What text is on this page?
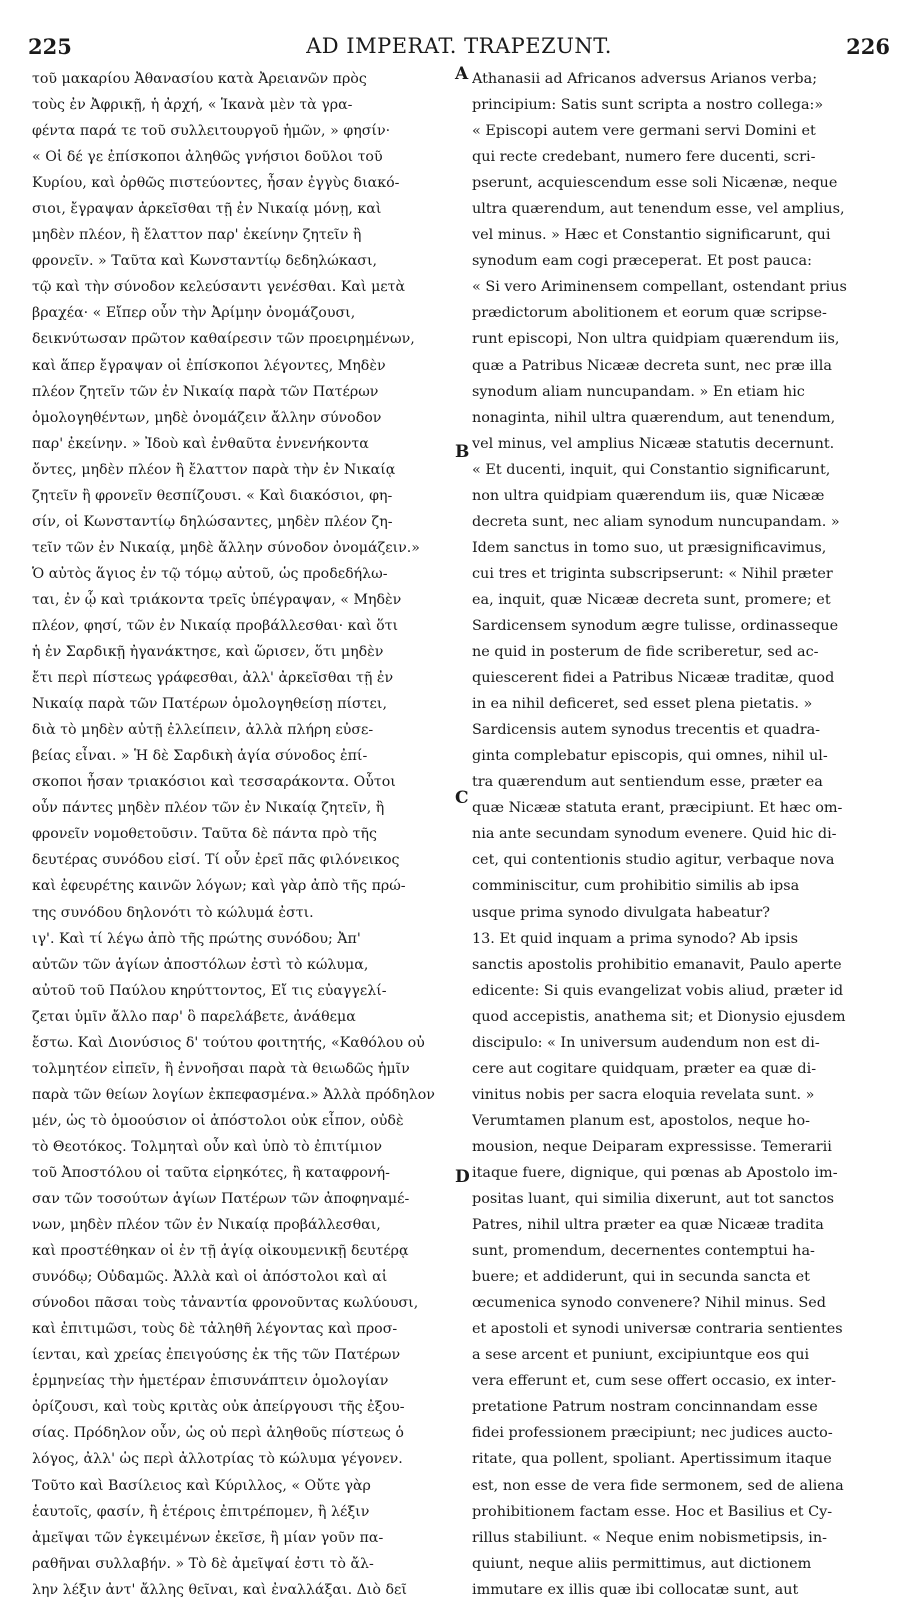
225	AD IMPERAT. TRAPEZUNT.	226
τοῦ μακαρίου Ἀθανασίου κατὰ Ἀρειανῶν πρὸς
τοὺς ἐν Ἀφρικῇ, ἡ ἀρχή, « Ἱκανὰ μὲν τὰ γρα-
φέντα παρά τε τοῦ συλλειτουργοῦ ἡμῶν, » φησίν·
« Οἱ δέ γε ἐπίσκοποι ἀληθῶς γνήσιοι δοῦλοι τοῦ
Κυρίου, καὶ ὀρθῶς πιστεύοντες, ἦσαν ἐγγὺς διακό-
σιοι, ἔγραψαν ἀρκεῖσθαι τῇ ἐν Νικαίᾳ μόνῃ, καὶ
μηδὲν πλέον, ἢ ἔλαττον παρ' ἐκείνην ζητεῖν ἢ
φρονεῖν. » Ταῦτα καὶ Κωνσταντίῳ δεδηλώκασι,
τῷ καὶ τὴν σύνοδον κελεύσαντι γενέσθαι. Καὶ μετὰ
βραχέα· « Εἴπερ οὖν τὴν Ἀρίμην ὀνομάζουσι,
δεικνύτωσαν πρῶτον καθαίρεσιν τῶν προειρημένων,
καὶ ἅπερ ἔγραψαν οἱ ἐπίσκοποι λέγοντες, Μηδὲν
πλέον ζητεῖν τῶν ἐν Νικαίᾳ παρὰ τῶν Πατέρων
ὁμολογηθέντων, μηδὲ ὀνομάζειν ἄλλην σύνοδον
παρ' ἐκείνην. » Ἰδοὺ καὶ ἐνθαῦτα ἐννενήκοντα
ὄντες, μηδὲν πλέον ἢ ἔλαττον παρὰ τὴν ἐν Νικαίᾳ
ζητεῖν ἢ φρονεῖν θεσπίζουσι. « Καὶ διακόσιοι, φη-
σίν, οἱ Κωνσταντίῳ δηλώσαντες, μηδὲν πλέον ζη-
τεῖν τῶν ἐν Νικαίᾳ, μηδὲ ἄλλην σύνοδον ὀνομάζειν.»
Ὁ αὐτὸς ἅγιος ἐν τῷ τόμῳ αὐτοῦ, ὡς προδεδήλω-
ται, ἐν ᾧ καὶ τριάκοντα τρεῖς ὑπέγραψαν, « Μηδὲν
πλέον, φησί, τῶν ἐν Νικαίᾳ προβάλλεσθαι· καὶ ὅτι
ἡ ἐν Σαρδικῇ ἠγανάκτησε, καὶ ὥρισεν, ὅτι μηδὲν
ἔτι περὶ πίστεως γράφεσθαι, ἀλλ' ἀρκεῖσθαι τῇ ἐν
Νικαίᾳ παρὰ τῶν Πατέρων ὁμολογηθείσῃ πίστει,
διὰ τὸ μηδὲν αὐτῇ ἐλλείπειν, ἀλλὰ πλήρη εὐσε-
βείας εἶναι. » Ἡ δὲ Σαρδικὴ ἁγία σύνοδος ἐπί-
σκοποι ἦσαν τριακόσιοι καὶ τεσσαράκοντα. Οὗτοι
οὖν πάντες μηδὲν πλέον τῶν ἐν Νικαίᾳ ζητεῖν, ἢ
φρονεῖν νομοθετοῦσιν. Ταῦτα δὲ πάντα πρὸ τῆς
δευτέρας συνόδου εἰσί. Τί οὖν ἐρεῖ πᾶς φιλόνεικος
καὶ ἐφευρέτης καινῶν λόγων; καὶ γὰρ ἀπὸ τῆς πρώ-
της συνόδου δηλονότι τὸ κώλυμά ἐστι.
ιγ'. Καὶ τί λέγω ἀπὸ τῆς πρώτης συνόδου; Ἀπ'
αὐτῶν τῶν ἁγίων ἀποστόλων ἐστὶ τὸ κώλυμα,
αὐτοῦ τοῦ Παύλου κηρύττοντος, Εἴ τις εὐαγγελί-
ζεται ὑμῖν ἄλλο παρ' ὃ παρελάβετε, ἀνάθεμα
ἔστω. Καὶ Διονύσιος δ' τούτου φοιτητής, «Καθόλου οὐ
τολμητέον εἰπεῖν, ἢ ἐννοῆσαι παρὰ τὰ θειωδῶς ἡμῖν
παρὰ τῶν θείων λογίων ἐκπεφασμένα.» Ἀλλὰ πρόδηλον
μέν, ὡς τὸ ὁμοούσιον οἱ ἀπόστολοι οὐκ εἶπον, οὐδὲ
τὸ Θεοτόκος. Τολμηταὶ οὖν καὶ ὑπὸ τὸ ἐπιτίμιον
τοῦ Ἀποστόλου οἱ ταῦτα εἰρηκότες, ἢ καταφρονή-
σαν τῶν τοσούτων ἁγίων Πατέρων τῶν ἀποφηναμέ-
νων, μηδὲν πλέον τῶν ἐν Νικαίᾳ προβάλλεσθαι,
καὶ προστέθηκαν οἱ ἐν τῇ ἁγίᾳ οἰκουμενικῇ δευτέρᾳ
συνόδῳ; Οὐδαμῶς. Ἀλλὰ καὶ οἱ ἀπόστολοι καὶ αἱ
σύνοδοι πᾶσαι τοὺς τἀναντία φρονοῦντας κωλύουσι,
καὶ ἐπιτιμῶσι, τοὺς δὲ τἀληθῆ λέγοντας καὶ προσ-
ίενται, καὶ χρείας ἐπειγούσης ἐκ τῆς τῶν Πατέρων
ἑρμηνείας τὴν ἡμετέραν ἐπισυνάπτειν ὁμολογίαν
ὁρίζουσι, καὶ τοὺς κριτὰς οὐκ ἀπείργουσι τῆς ἐξου-
σίας. Πρόδηλον οὖν, ὡς οὐ περὶ ἀληθοῦς πίστεως ὁ
λόγος, ἀλλ' ὡς περὶ ἀλλοτρίας τὸ κώλυμα γέγονεν.
Τοῦτο καὶ Βασίλειος καὶ Κύριλλος, « Οὔτε γὰρ
ἑαυτοῖς, φασίν, ἢ ἑτέροις ἐπιτρέπομεν, ἢ λέξιν
ἀμεῖψαι τῶν ἐγκειμένων ἐκεῖσε, ἢ μίαν γοῦν πα-
ραθῆναι συλλαβήν. » Τὸ δὲ ἀμεῖψαί ἐστι τὸ ἄλ-
λην λέξιν ἀντ' ἄλλης θεῖναι, καὶ ἐναλλάξαι. Διὸ δεῖ
Athanasii ad Africanos adversus Arianos verba;
principium: Satis sunt scripta a nostro collega:»
« Episcopi autem vere germani servi Domini et
qui recte credebant, numero fere ducenti, scri-
pserunt, acquiescendum esse soli Nicænæ, neque
ultra quærendum, aut tenendum esse, vel amplius,
vel minus. » Hæc et Constantio significarunt, qui
synodum eam cogi præceperat. Et post pauca:
« Si vero Ariminensem compellant, ostendant prius
prædictorum abolitionem et eorum quæ scripse-
runt episcopi, Non ultra quidpiam quærendum iis,
quæ a Patribus Nicææ decreta sunt, nec præ illa
synodum aliam nuncupandam. » En etiam hic
nonaginta, nihil ultra quærendum, aut tenendum,
vel minus, vel amplius Nicææ statutis decernunt.
« Et ducenti, inquit, qui Constantio significarunt,
non ultra quidpiam quærendum iis, quæ Nicææ
decreta sunt, nec aliam synodum nuncupandam. »
Idem sanctus in tomo suo, ut præsignificavimus,
cui tres et triginta subscripserunt: « Nihil præter
ea, inquit, quæ Nicææ decreta sunt, promere; et
Sardicensem synodum ægre tulisse, ordinasseque
ne quid in posterum de fide scriberetur, sed ac-
quiescerent fidei a Patribus Nicææ traditæ, quod
in ea nihil deficeret, sed esset plena pietatis. »
Sardicensis autem synodus trecentis et quadra-
ginta complebatur episcopis, qui omnes, nihil ul-
tra quærendum aut sentiendum esse, præter ea
quæ Nicææ statuta erant, præcipiunt. Et hæc om-
nia ante secundam synodum evenere. Quid hic di-
cet, qui contentionis studio agitur, verbaque nova
comminiscitur, cum prohibitio similis ab ipsa
usque prima synodo divulgata habeatur?
13. Et quid inquam a prima synodo? Ab ipsis
sanctis apostolis prohibitio emanavit, Paulo aperte
edicente: Si quis evangelizat vobis aliud, præter id
quod accepistis, anathema sit; et Dionysio ejusdem
discipulo: « In universum audendum non est di-
cere aut cogitare quidquam, præter ea quæ di-
vinitus nobis per sacra eloquia revelata sunt. »
Verumtamen planum est, apostolos, neque ho-
mousion, neque Deiparam expressisse. Temerarii
itaque fuere, dignique, qui pœnas ab Apostolo im-
positas luant, qui similia dixerunt, aut tot sanctos
Patres, nihil ultra præter ea quæ Nicææ tradita
sunt, promendum, decernentes contemptui ha-
buere; et addiderunt, qui in secunda sancta et
œcumenica synodo convenere? Nihil minus. Sed
et apostoli et synodi universæ contraria sentientes
a sese arcent et puniunt, excipiuntque eos qui
vera efferunt et, cum sese offert occasio, ex inter-
pretatione Patrum nostram concinnandam esse
fidei professionem præcipiunt; nec judices aucto-
ritate, qua pollent, spoliant. Apertissimum itaque
est, non esse de vera fide sermonem, sed de aliena
prohibitionem factam esse. Hoc et Basilius et Cy-
rillus stabiliunt. « Neque enim nobismetipsis, in-
quiunt, neque aliis permittimus, aut dictionem
immutare ex illis quæ ibi collocatæ sunt, aut
A
B
C
D
